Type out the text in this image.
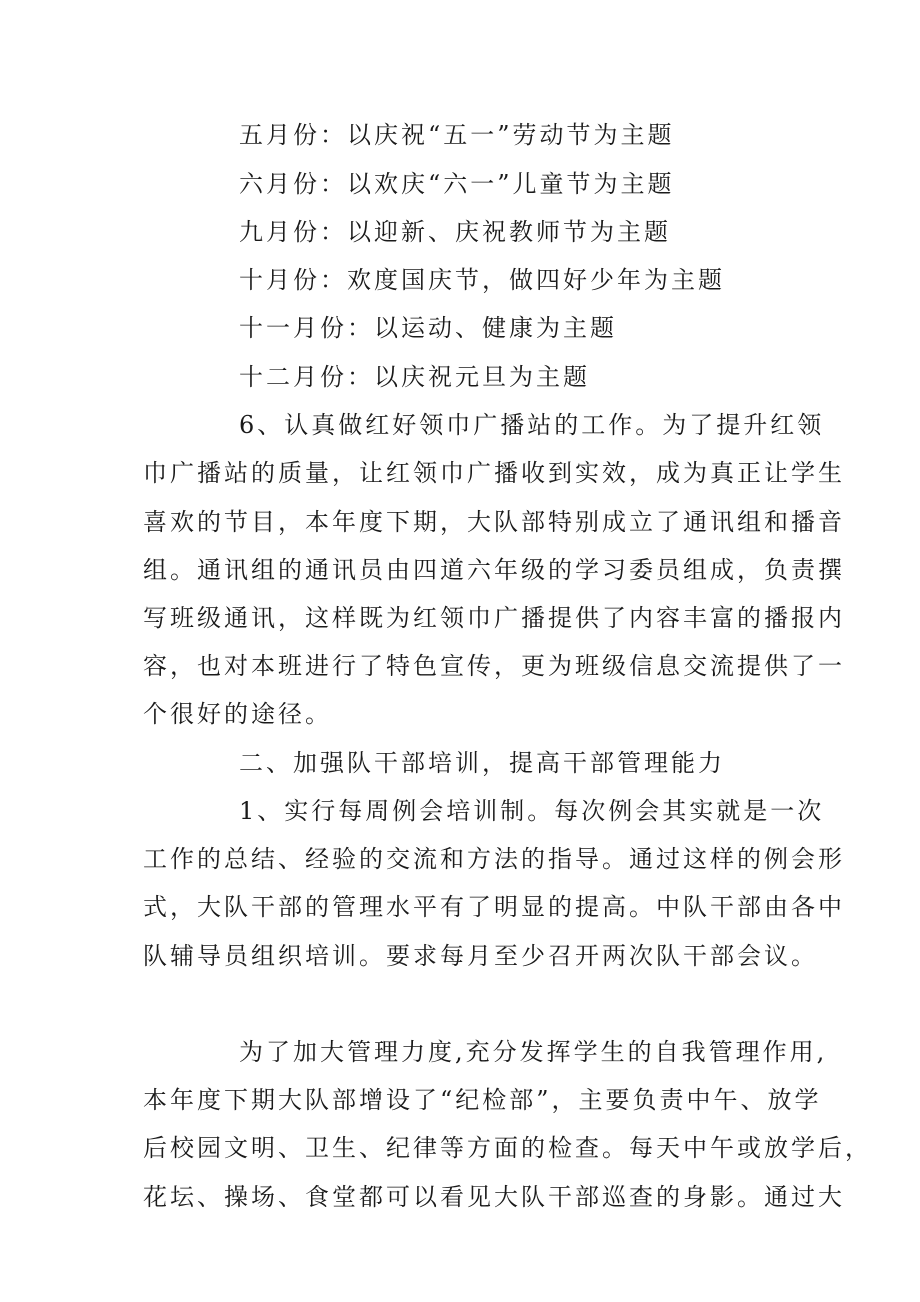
五月份：以庆祝“五一”劳动节为主题
六月份：以欢庆“六一”儿童节为主题
九月份：以迎新、庆祝教师节为主题
十月份：欢度国庆节，做四好少年为主题
十一月份：以运动、健康为主题
十二月份：以庆祝元旦为主题
6、认真做红好领巾广播站的工作。为了提升红领
巾广播站的质量，让红领巾广播收到实效，成为真正让学生
喜欢的节目，本年度下期，大队部特别成立了通讯组和播音
组。通讯组的通讯员由四道六年级的学习委员组成，负责撰
写班级通讯，这样既为红领巾广播提供了内容丰富的播报内
容，也对本班进行了特色宣传，更为班级信息交流提供了一
个很好的途径。
二、加强队干部培训，提高干部管理能力
1、实行每周例会培训制。每次例会其实就是一次
工作的总结、经验的交流和方法的指导。通过这样的例会形
式，大队干部的管理水平有了明显的提高。中队干部由各中
队辅导员组织培训。要求每月至少召开两次队干部会议。
为了加大管理力度,充分发挥学生的自我管理作用,
本年度下期大队部增设了“纪检部”，主要负责中午、放学
后校园文明、卫生、纪律等方面的检查。每天中午或放学后，
花坛、操场、食堂都可以看见大队干部巡查的身影。通过大
